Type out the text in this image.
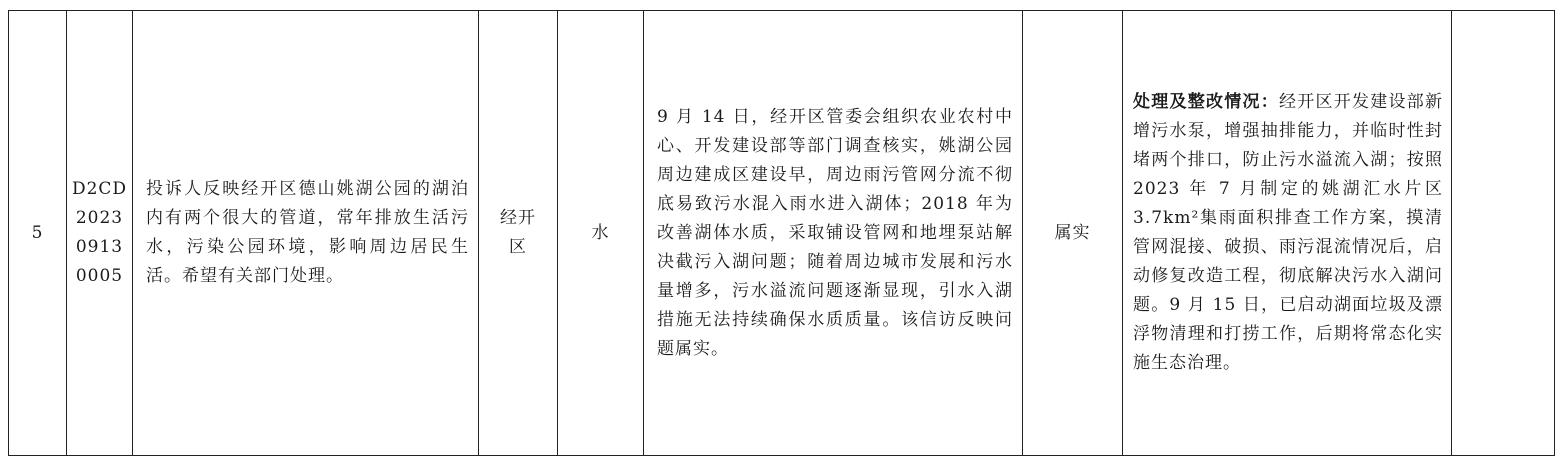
5	D2CD
2023
0913
0005	投诉人反映经开区德山姚湖公园的湖泊内有两个很大的管道，常年排放生活污水，污染公园环境，影响周边居民生活。希望有关部门处理。	经开
区	水	9 月 14 日，经开区管委会组织农业农村中心、开发建设部等部门调查核实，姚湖公园周边建成区建设早，周边雨污管网分流不彻底易致污水混入雨水进入湖体；2018 年为改善湖体水质，采取铺设管网和地埋泵站解决截污入湖问题；随着周边城市发展和污水量增多，污水溢流问题逐渐显现，引水入湖措施无法持续确保水质质量。该信访反映问题属实。	属实	处理及整改情况：经开区开发建设部新增污水泵，增强抽排能力，并临时性封堵两个排口，防止污水溢流入湖；按照 2023 年 7 月制定的姚湖汇水片区 3.7km²集雨面积排查工作方案，摸清管网混接、破损、雨污混流情况后，启动修复改造工程，彻底解决污水入湖问题。9 月 15 日，已启动湖面垃圾及漂浮物清理和打捞工作，后期将常态化实施生态治理。	
